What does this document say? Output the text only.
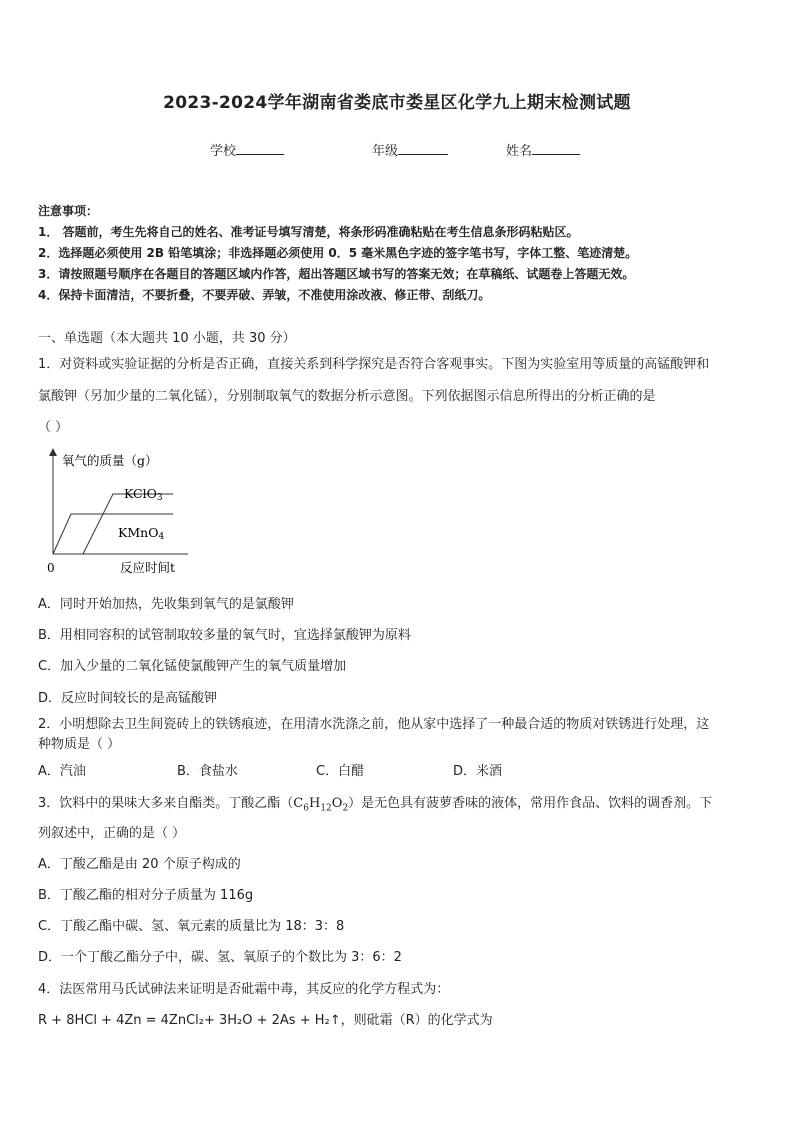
2023-2024学年湖南省娄底市娄星区化学九上期末检测试题
学校	年级	姓名
注意事项：
1． 答题前，考生先将自己的姓名、准考证号填写清楚，将条形码准确粘贴在考生信息条形码粘贴区。
2．选择题必须使用 2B 铅笔填涂；非选择题必须使用 0．5 毫米黑色字迹的签字笔书写，字体工整、笔迹清楚。
3．请按照题号顺序在各题目的答题区域内作答，超出答题区域书写的答案无效；在草稿纸、试题卷上答题无效。
4．保持卡面清洁，不要折叠，不要弄破、弄皱，不准使用涂改液、修正带、刮纸刀。
一、单选题（本大题共 10 小题，共 30 分）
1．对资料或实验证据的分析是否正确，直接关系到科学探究是否符合客观事实。下图为实验室用等质量的高锰酸钾和
氯酸钾（另加少量的二氧化锰），分别制取氧气的数据分析示意图。下列依据图示信息所得出的分析正确的是
（ ）
氧气的质量（g）
0	反应时间t
KClO3
KMnO4
A．同时开始加热，先收集到氧气的是氯酸钾
B．用相同容积的试管制取较多量的氧气时，宜选择氯酸钾为原料
C．加入少量的二氧化锰使氯酸钾产生的氧气质量增加
D．反应时间较长的是高锰酸钾
2．小明想除去卫生间瓷砖上的铁锈痕迹，在用清水洗涤之前，他从家中选择了一种最合适的物质对铁锈进行处理，这
种物质是（ ）
A．汽油	B．食盐水	C．白醋	D．米酒
3．饮料中的果味大多来自酯类。丁酸乙酯$(C_6H_{12}O_2)$是无色具有菠萝香味的液体，常用作食品、饮料的调香剂。下
列叙述中，正确的是（ ）
A．丁酸乙酯是由 20 个原子构成的
B．丁酸乙酯的相对分子质量为 116g
C．丁酸乙酯中碳、氢、氧元素的质量比为 18：3：8
D．一个丁酸乙酯分子中，碳、氢、氧原子的个数比为 3：6：2
4．法医常用马氏试砷法来证明是否砒霜中毒，其反应的化学方程式为：
R + 8HCl + 4Zn = 4ZnCl₂+ 3H₂O + 2As + H₂↑，则砒霜（R）的化学式为
